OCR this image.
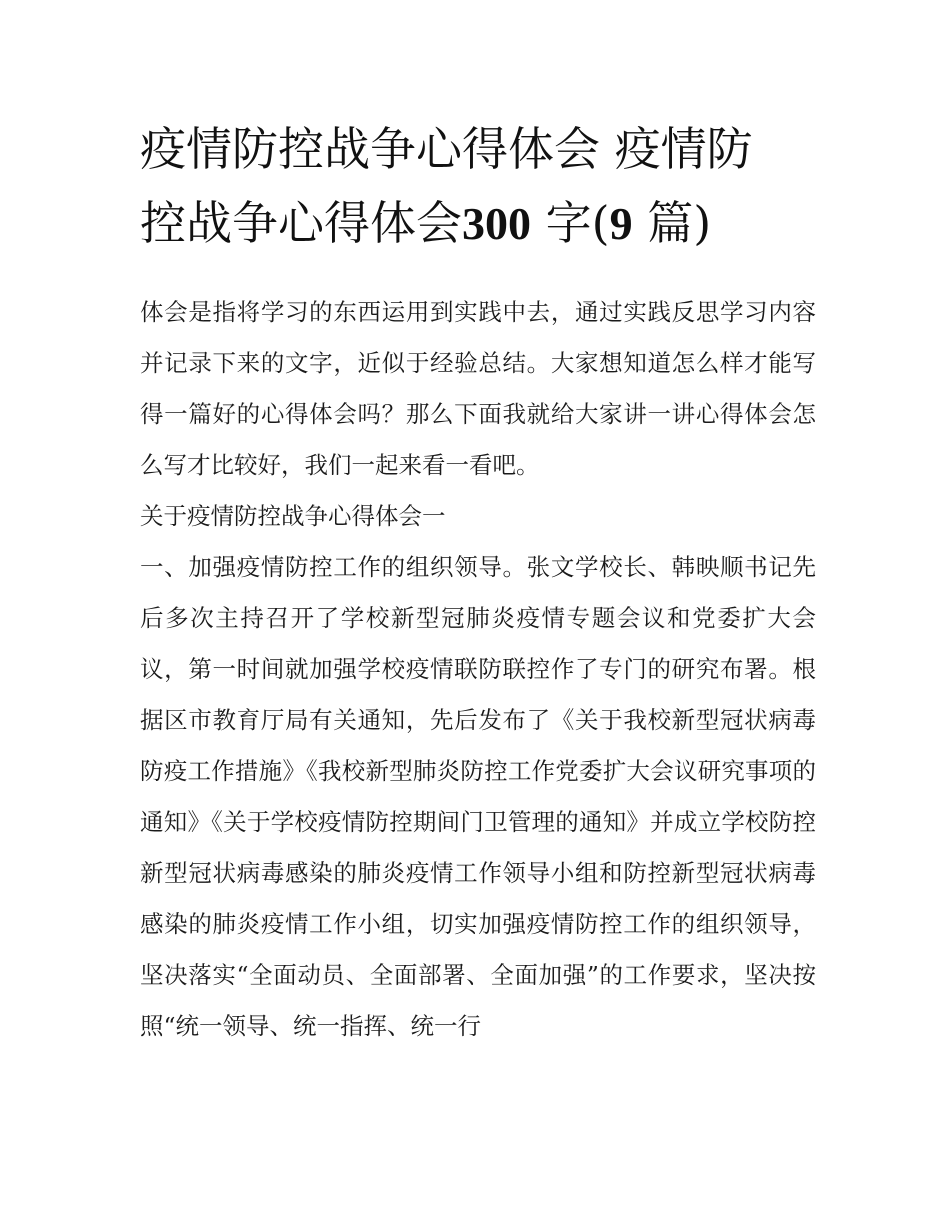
疫情防控战争心得体会 疫情防
控战争心得体会300 字(9 篇)

体会是指将学习的东西运用到实践中去，通过实践反思学习内容并记录下来的文字，近似于经验总结。大家想知道怎么样才能写得一篇好的心得体会吗？那么下面我就给大家讲一讲心得体会怎么写才比较好，我们一起来看一看吧。

关于疫情防控战争心得体会一

一、加强疫情防控工作的组织领导。张文学校长、韩映顺书记先后多次主持召开了学校新型冠肺炎疫情专题会议和党委扩大会议，第一时间就加强学校疫情联防联控作了专门的研究布署。根据区市教育厅局有关通知，先后发布了《关于我校新型冠状病毒防疫工作措施》《我校新型肺炎防控工作党委扩大会议研究事项的通知》《关于学校疫情防控期间门卫管理的通知》并成立学校防控新型冠状病毒感染的肺炎疫情工作领导小组和防控新型冠状病毒感染的肺炎疫情工作小组，切实加强疫情防控工作的组织领导，坚决落实“全面动员、全面部署、全面加强”的工作要求，坚决按照“统一领导、统一指挥、统一行
